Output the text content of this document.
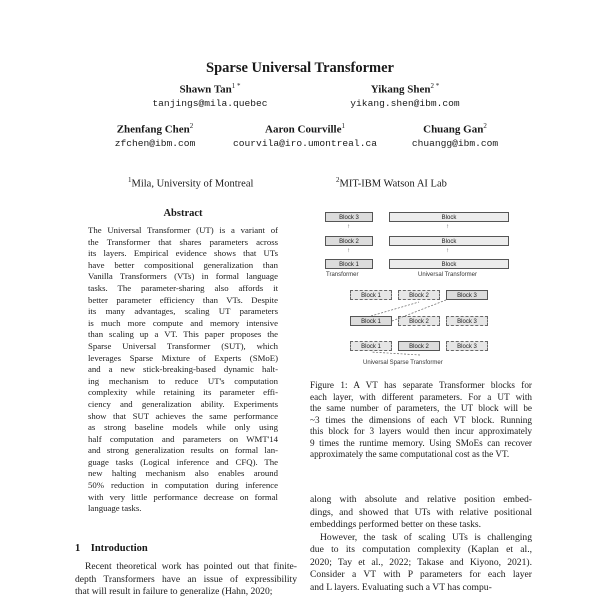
Sparse Universal Transformer
Shawn Tan$^{1 *}$
tanjings@mila.quebec
Yikang Shen$^{2 *}$
yikang.shen@ibm.com
Zhenfang Chen$^2$
zfchen@ibm.com
Aaron Courville$^1$
courvila@iro.umontreal.ca
Chuang Gan$^2$
chuangg@ibm.com
$^1$Mila, University of Montreal	$^2$MIT-IBM Watson AI Lab
Abstract
The Universal Transformer (UT) is a variant of
the Transformer that shares parameters across
its layers. Empirical evidence shows that UTs
have better compositional generalization than
Vanilla Transformers (VTs) in formal language
tasks. The parameter-sharing also affords it
better parameter efficiency than VTs. Despite
its many advantages, scaling UT parameters
is much more compute and memory intensive
than scaling up a VT. This paper proposes the
Sparse Universal Transformer (SUT), which
leverages Sparse Mixture of Experts (SMoE)
and a new stick-breaking-based dynamic halt-
ing mechanism to reduce UT's computation
complexity while retaining its parameter effi-
ciency and generalization ability. Experiments
show that SUT achieves the same performance
as strong baseline models while only using
half computation and parameters on WMT'14
and strong generalization results on formal lan-
guage tasks (Logical inference and CFQ). The
new halting mechanism also enables around
50% reduction in computation during inference
with very little performance decrease on formal
language tasks.
1 Introduction
Recent theoretical work has pointed out that finite-
depth Transformers have an issue of expressibility
that will result in failure to generalize (Hahn, 2020;
Block 3
↑
Block 2
↑
Block 1
Transformer
Block
↑
Block
↑
Block
Universal Transformer
Block 1	Block 2	Block 3
Block 1	Block 2	Block 3
Block 1	Block 2	Block 3
Universal Sparse Transformer
Figure 1: A VT has separate Transformer blocks for
each layer, with different parameters. For a UT with
the same number of parameters, the UT block will be
~3 times the dimensions of each VT block. Running
this block for 3 layers would then incur approximately
9 times the runtime memory. Using SMoEs can recover
approximately the same computational cost as the VT.
along with absolute and relative position embed-
dings, and showed that UTs with relative positional
embeddings performed better on these tasks.
However, the task of scaling UTs is challenging
due to its computation complexity (Kaplan et al.,
2020; Tay et al., 2022; Takase and Kiyono, 2021).
Consider a VT with P parameters for each layer
and L layers. Evaluating such a VT has compu-
